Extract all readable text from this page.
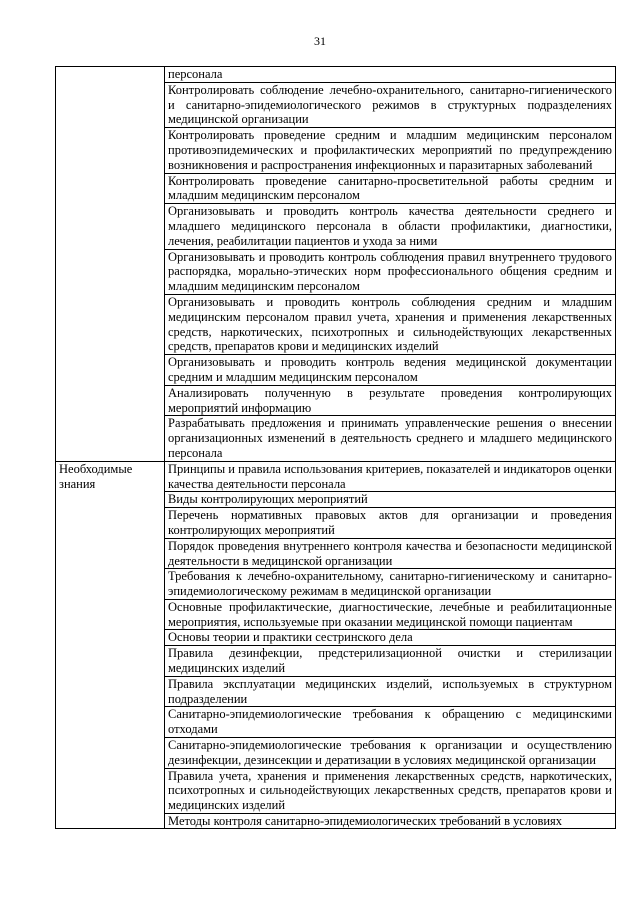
31
	персонала
	Контролировать соблюдение лечебно-охранительного, санитарно-гигиенического и санитарно-эпидемиологического режимов в структурных подразделениях медицинской организации
	Контролировать проведение средним и младшим медицинским персоналом противоэпидемических и профилактических мероприятий по предупреждению возникновения и распространения инфекционных и паразитарных заболеваний
	Контролировать проведение санитарно-просветительной работы средним и младшим медицинским персоналом
	Организовывать и проводить контроль качества деятельности среднего и младшего медицинского персонала в области профилактики, диагностики, лечения, реабилитации пациентов и ухода за ними
	Организовывать и проводить контроль соблюдения правил внутреннего трудового распорядка, морально-этических норм профессионального общения средним и младшим медицинским персоналом
	Организовывать и проводить контроль соблюдения средним и младшим медицинским персоналом правил учета, хранения и применения лекарственных средств, наркотических, психотропных и сильнодействующих лекарственных средств, препаратов крови и медицинских изделий
	Организовывать и проводить контроль ведения медицинской документации средним и младшим медицинским персоналом
	Анализировать полученную в результате проведения контролирующих мероприятий информацию
	Разрабатывать предложения и принимать управленческие решения о внесении организационных изменений в деятельность среднего и младшего медицинского персонала
Необходимые знания	Принципы и правила использования критериев, показателей и индикаторов оценки качества деятельности персонала
	Виды контролирующих мероприятий
	Перечень нормативных правовых актов для организации и проведения контролирующих мероприятий
	Порядок проведения внутреннего контроля качества и безопасности медицинской деятельности в медицинской организации
	Требования к лечебно-охранительному, санитарно-гигиеническому и санитарно-эпидемиологическому режимам в медицинской организации
	Основные профилактические, диагностические, лечебные и реабилитационные мероприятия, используемые при оказании медицинской помощи пациентам
	Основы теории и практики сестринского дела
	Правила дезинфекции, предстерилизационной очистки и стерилизации медицинских изделий
	Правила эксплуатации медицинских изделий, используемых в структурном подразделении
	Санитарно-эпидемиологические требования к обращению с медицинскими отходами
	Санитарно-эпидемиологические требования к организации и осуществлению дезинфекции, дезинсекции и дератизации в условиях медицинской организации
	Правила учета, хранения и применения лекарственных средств, наркотических, психотропных и сильнодействующих лекарственных средств, препаратов крови и медицинских изделий

	Методы контроля санитарно-эпидемиологических требований в условиях
